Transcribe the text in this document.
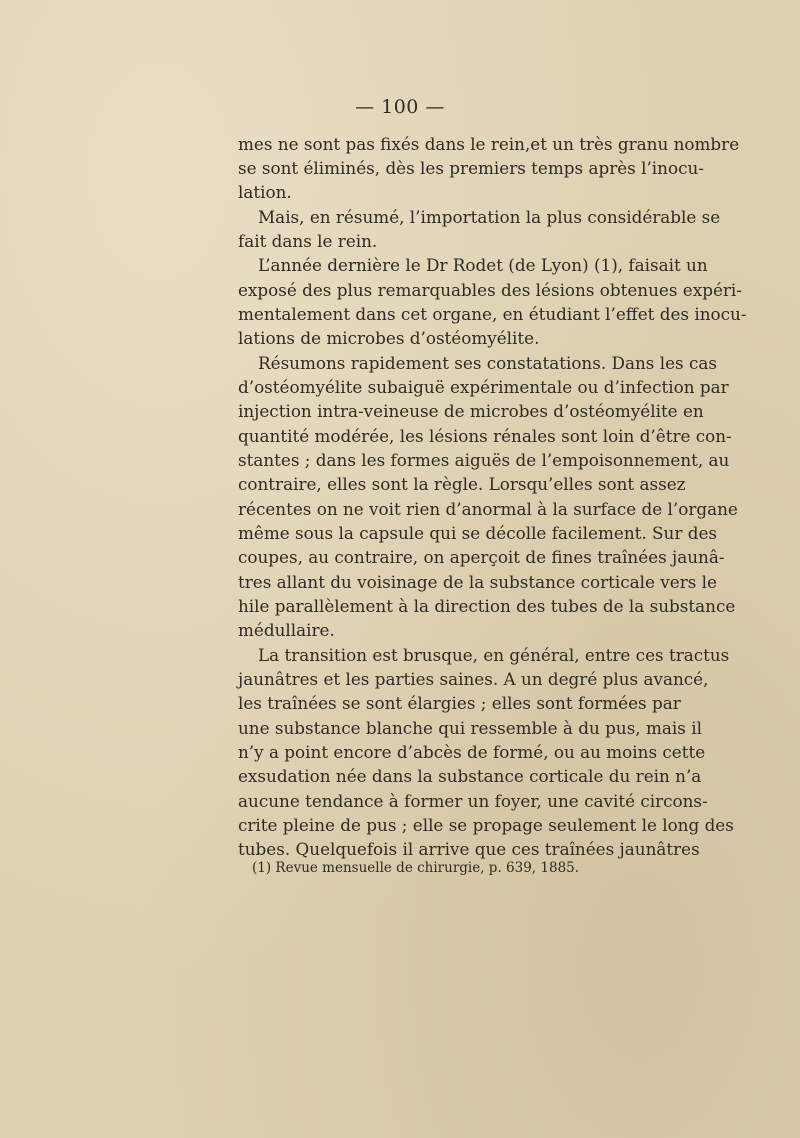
— 100 —
mes ne sont pas fixés dans le rein,et un très granu nombre
se sont éliminés, dès les premiers temps après l’inocu-
lation.
Mais, en résumé, l’importation la plus considérable se
fait dans le rein.
L’année dernière le Dr Rodet (de Lyon) (1), faisait un
exposé des plus remarquables des lésions obtenues expéri-
mentalement dans cet organe, en étudiant l’effet des inocu-
lations de microbes d’ostéomyélite.
Résumons rapidement ses constatations. Dans les cas
d’ostéomyélite subaiguë expérimentale ou d’infection par
injection intra-veineuse de microbes d’ostéomyélite en
quantité modérée, les lésions rénales sont loin d’être con-
stantes ; dans les formes aiguës de l’empoisonnement, au
contraire, elles sont la règle. Lorsqu’elles sont assez
récentes on ne voit rien d’anormal à la surface de l’organe
même sous la capsule qui se décolle facilement. Sur des
coupes, au contraire, on aperçoit de fines traînées jaunâ-
tres allant du voisinage de la substance corticale vers le
hile parallèlement à la direction des tubes de la substance
médullaire.
La transition est brusque, en général, entre ces tractus
jaunâtres et les parties saines. A un degré plus avancé,
les traînées se sont élargies ; elles sont formées par
une substance blanche qui ressemble à du pus, mais il
n’y a point encore d’abcès de formé, ou au moins cette
exsudation née dans la substance corticale du rein n’a
aucune tendance à former un foyer, une cavité circons-
crite pleine de pus ; elle se propage seulement le long des
tubes. Quelquefois il arrive que ces traînées jaunâtres
(1) Revue mensuelle de chirurgie, p. 639, 1885.
